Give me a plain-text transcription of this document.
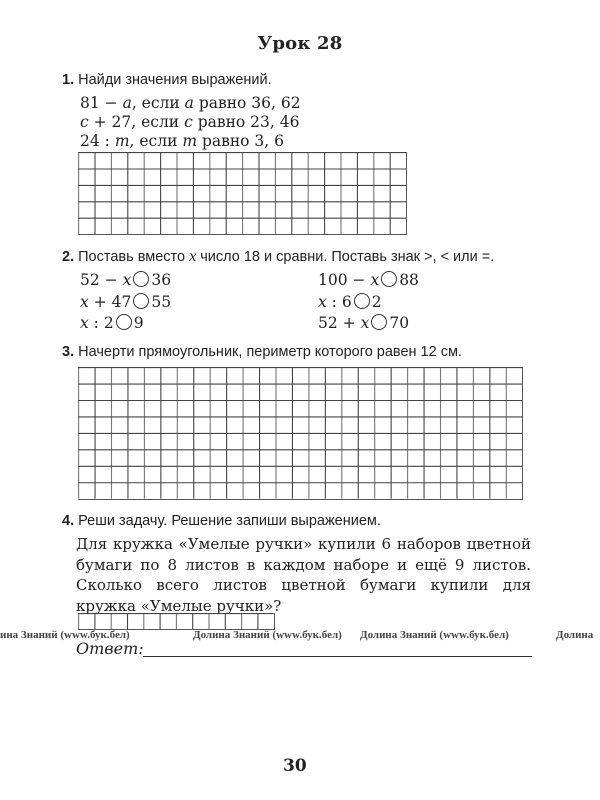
Урок 28
1. Найди значения выражений.
81 − a, если a равно 36, 62
c + 27, если c равно 23, 46
24 : m, если m равно 3, 6
2. Поставь вместо x число 18 и сравни. Поставь знак >, < или =.
52 − x 36
x + 47 55
x : 2 9
100 − x 88
x : 6 2
52 + x 70
3. Начерти прямоугольник, периметр которого равен 12 см.
4. Реши задачу. Решение запиши выражением.
Для кружка «Умелые ручки» купили 6 наборов цветной бумаги по 8 листов в каждом наборе и ещё 9 листов. Сколько всего листов цветной бумаги купили для кружка «Умелые ручки»?
ина Знаний (www.бук.бел)	Долина Знаний (www.бук.бел) Долина Знаний (www.бук.бел)	Долина
Ответ:
30
